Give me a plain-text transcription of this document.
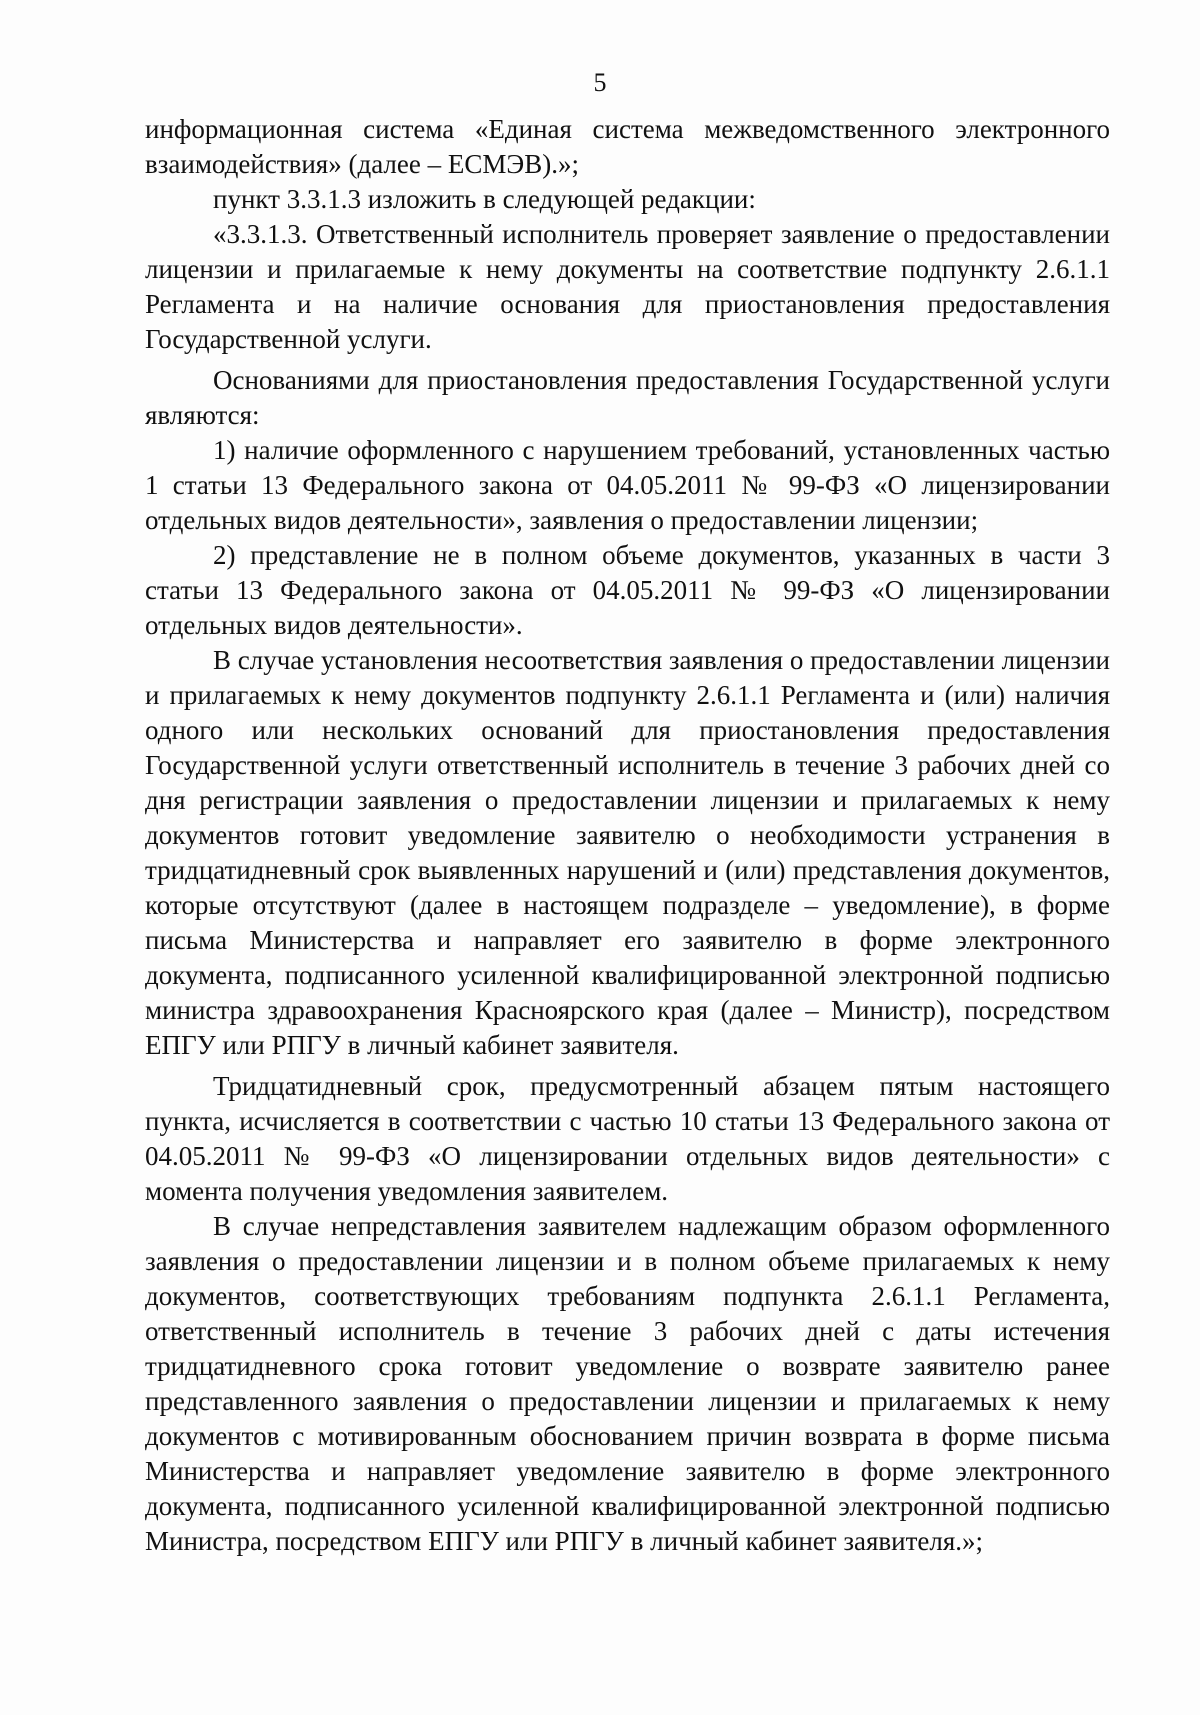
5

информационная система «Единая система межведомственного электронного взаимодействия» (далее – ЕСМЭВ).»;

пункт 3.3.1.3 изложить в следующей редакции:

«3.3.1.3. Ответственный исполнитель проверяет заявление о предоставлении лицензии и прилагаемые к нему документы на соответствие подпункту 2.6.1.1 Регламента и на наличие основания для приостановления предоставления Государственной услуги.

Основаниями для приостановления предоставления Государственной услуги являются:

1) наличие оформленного с нарушением требований, установленных частью 1 статьи 13 Федерального закона от 04.05.2011 № 99-ФЗ «О лицензировании отдельных видов деятельности», заявления о предоставлении лицензии;

2) представление не в полном объеме документов, указанных в части 3 статьи 13 Федерального закона от 04.05.2011 № 99-ФЗ «О лицензировании отдельных видов деятельности».

В случае установления несоответствия заявления о предоставлении лицензии и прилагаемых к нему документов подпункту 2.6.1.1 Регламента и (или) наличия одного или нескольких оснований для приостановления предоставления Государственной услуги ответственный исполнитель в течение 3 рабочих дней со дня регистрации заявления о предоставлении лицензии и прилагаемых к нему документов готовит уведомление заявителю о необходимости устранения в тридцатидневный срок выявленных нарушений и (или) представления документов, которые отсутствуют (далее в настоящем подразделе – уведомление), в форме письма Министерства и направляет его заявителю в форме электронного документа, подписанного усиленной квалифицированной электронной подписью министра здравоохранения Красноярского края (далее – Министр), посредством ЕПГУ или РПГУ в личный кабинет заявителя.

Тридцатидневный срок, предусмотренный абзацем пятым настоящего пункта, исчисляется в соответствии с частью 10 статьи 13 Федерального закона от 04.05.2011 № 99-ФЗ «О лицензировании отдельных видов деятельности» с момента получения уведомления заявителем.

В случае непредставления заявителем надлежащим образом оформленного заявления о предоставлении лицензии и в полном объеме прилагаемых к нему документов, соответствующих требованиям подпункта 2.6.1.1 Регламента, ответственный исполнитель в течение 3 рабочих дней с даты истечения тридцатидневного срока готовит уведомление о возврате заявителю ранее представленного заявления о предоставлении лицензии и прилагаемых к нему документов с мотивированным обоснованием причин возврата в форме письма Министерства и направляет уведомление заявителю в форме электронного документа, подписанного усиленной квалифицированной электронной подписью Министра, посредством ЕПГУ или РПГУ в личный кабинет заявителя.»;
